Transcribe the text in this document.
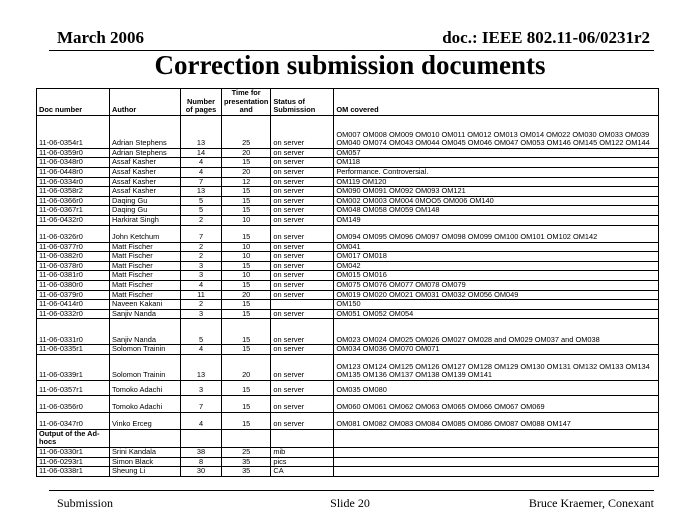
March 2006	doc.: IEEE 802.11-06/0231r2
Correction submission documents
Doc number	Author	Number of pages	Time for presentation and	Status of Submission	OM covered
11-06-0354r1	Adrian Stephens	13	25	on server	OM007 OM008 OM009 OM010 OM011 OM012 OM013 OM014 OM022 OM030 OM033 OM039 OM040 OM074 OM043 OM044 OM045 OM046 OM047 OM053 OM146 OM145 OM122 OM144
11-06-0359r0	Adrian Stephens	14	20	on server	OM057
11-06-0348r0	Assaf Kasher	4	15	on server	OM118
11-06-0448r0	Assaf Kasher	4	20	on server	Performance. Controversial.
11-06-0334r0	Assaf Kasher	7	12	on server	OM119 OM120
11-06-0358r2	Assaf Kasher	13	15	on server	OM090 OM091 OM092 OM093 OM121
11-06-0366r0	Daqing Gu	5	15	on server	OM002 OM003 OM004 0MOO5 OM006 OM140
11-06-0367r1	Daqing Gu	5	15	on server	OM048 OM058 OM059 OM148
11-06-0432r0	Harkirat Singh	2	10	on server	OM149
11-06-0326r0	John Ketchum	7	15	on server	OM094 OM095 OM096 OM097 OM098 OM099 OM100 OM101 OM102 OM142
11-06-0377r0	Matt Fischer	2	10	on server	OM041
11-06-0382r0	Matt Fischer	2	10	on server	OM017 OM018
11-06-0378r0	Matt Fischer	3	15	on server	OM042
11-06-0381r0	Matt Fischer	3	10	on server	OM015 OM016
11-06-0380r0	Matt Fischer	4	15	on server	OM075 OM076 OM077 OM078 OM079
11-06-0379r0	Matt Fischer	11	20	on server	OM019 OM020 OM021 OM031 OM032 OM056 OM049
11-06-0414r0	Naveen Kakani	2	15		OM150
11-06-0332r0	Sanjiv Nanda	3	15	on server	OM051 OM052 OM054
11-06-0331r0	Sanjiv Nanda	5	15	on server	OM023 OM024 OM025 OM026 OM027 OM028 and OM029 OM037 and OM038
11-06-0335r1	Solomon Trainin	4	15	on server	OM034 OM036 OM070 OM071
11-06-0339r1	Solomon Trainin	13	20	on server	OM123 OM124 OM125 OM126 OM127 OM128 OM129 OM130 OM131 OM132 OM133 OM134 OM135 OM136 OM137 OM138 OM139 OM141
11-06-0357r1	Tomoko Adachi	3	15	on server	OM035 OM080
11-06-0356r0	Tomoko Adachi	7	15	on server	OM060 OM061 OM062 OM063 OM065 OM066 OM067 OM069
11-06-0347r0	Vinko Erceg	4	15	on server	OM081 OM082 OM083 OM084 OM085 OM086 OM087 OM088 OM147
Output of the Ad-hocs					
11-06-0330r1	Srini Kandala	38	25	mib	
11-06-0293r1	Simon Black	8	35	pics	
11-06-0338r1	Sheung Li	30	35	CA	
Submission	Slide 20	Bruce Kraemer, Conexant
